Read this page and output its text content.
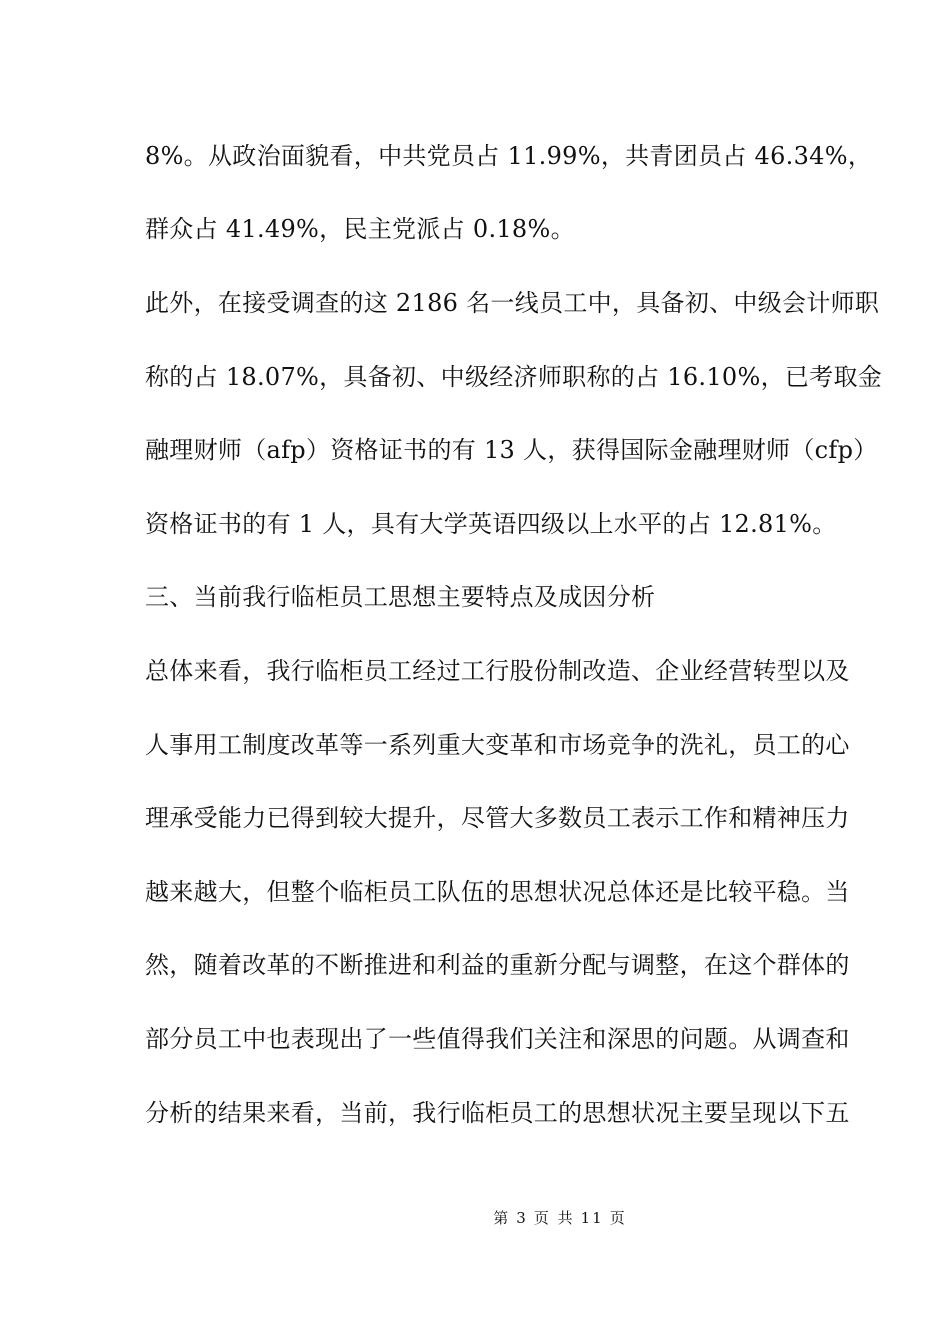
8%。从政治面貌看，中共党员占 11.99%，共青团员占 46.34%，
群众占 41.49%，民主党派占 0.18%。
此外，在接受调查的这 2186 名一线员工中，具备初、中级会计师职
称的占 18.07%，具备初、中级经济师职称的占 16.10%，已考取金
融理财师（afp）资格证书的有 13 人，获得国际金融理财师（cfp）
资格证书的有 1 人，具有大学英语四级以上水平的占 12.81%。
三、当前我行临柜员工思想主要特点及成因分析
总体来看，我行临柜员工经过工行股份制改造、企业经营转型以及
人事用工制度改革等一系列重大变革和市场竞争的洗礼，员工的心
理承受能力已得到较大提升，尽管大多数员工表示工作和精神压力
越来越大，但整个临柜员工队伍的思想状况总体还是比较平稳。当
然，随着改革的不断推进和利益的重新分配与调整，在这个群体的
部分员工中也表现出了一些值得我们关注和深思的问题。从调查和
分析的结果来看，当前，我行临柜员工的思想状况主要呈现以下五
第 3 页 共 11 页
